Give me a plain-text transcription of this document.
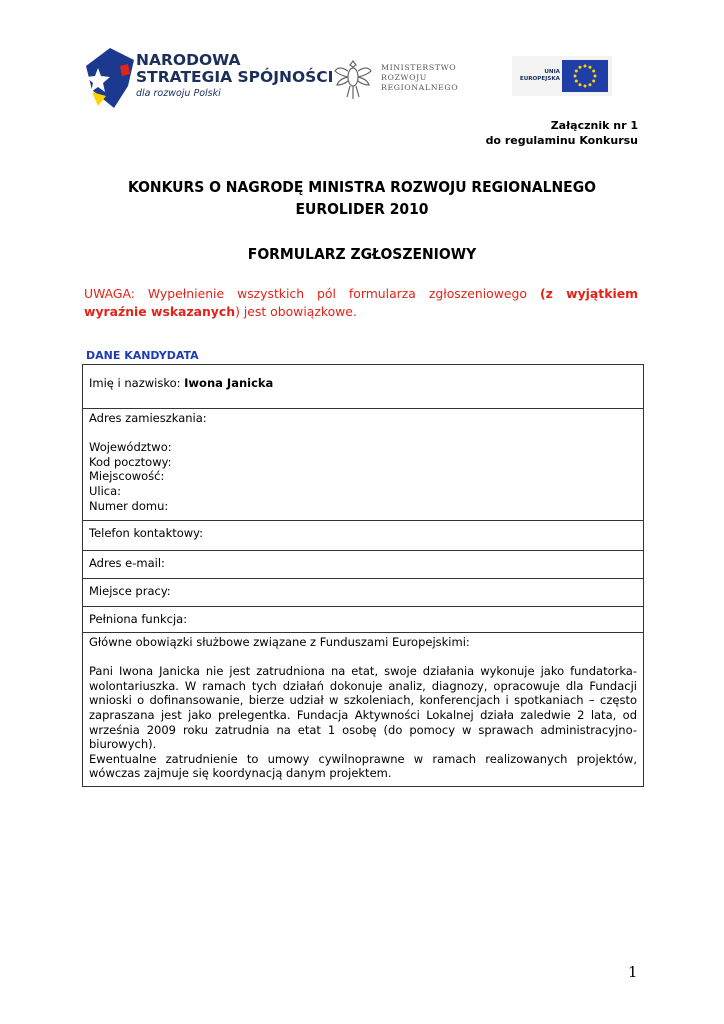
NARODOWA
STRATEGIA SPÓJNOŚCI
dla rozwoju Polski
MINISTERSTWO
ROZWOJU
REGIONALNEGO
UNIA
EUROPEJSKA
Załącznik nr 1
do regulaminu Konkursu
KONKURS O NAGRODĘ MINISTRA ROZWOJU REGIONALNEGO
EUROLIDER 2010
FORMULARZ ZGŁOSZENIOWY
UWAGA: Wypełnienie wszystkich pól formularza zgłoszeniowego (z wyjątkiem wyraźnie wskazanych) jest obowiązkowe.
DANE KANDYDATA
Imię i nazwisko: Iwona Janicka

Adres zamieszkania:
Województwo:
Kod pocztowy:
Miejscowość:
Ulica:
Numer domu:

Telefon kontaktowy:
Adres e-mail:
Miejsce pracy:
Pełniona funkcja:

Główne obowiązki służbowe związane z Funduszami Europejskimi:
Pani Iwona Janicka nie jest zatrudniona na etat, swoje działania wykonuje jako fundatorka-wolontariuszka. W ramach tych działań dokonuje analiz, diagnozy, opracowuje dla Fundacji wnioski o dofinansowanie, bierze udział w szkoleniach, konferencjach i spotkaniach – często zapraszana jest jako prelegentka. Fundacja Aktywności Lokalnej działa zaledwie 2 lata, od września 2009 roku zatrudnia na etat 1 osobę (do pomocy w sprawach administracyjno-biurowych).
Ewentualne zatrudnienie to umowy cywilnoprawne w ramach realizowanych projektów, wówczas zajmuje się koordynacją danym projektem.
1
